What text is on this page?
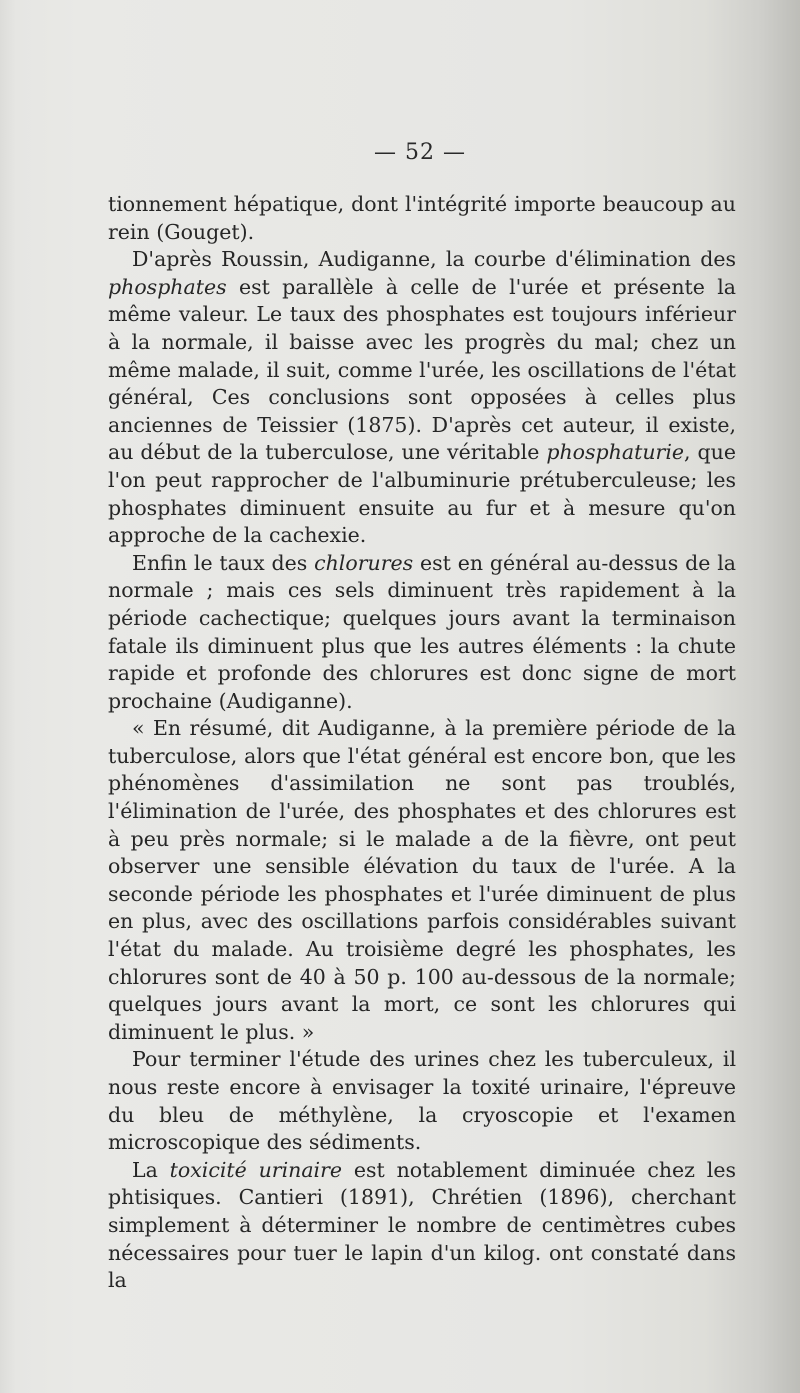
— 52 —

tionnement hépatique, dont l'intégrité importe beaucoup au rein (Gouget).

D'après Roussin, Audiganne, la courbe d'élimination des phosphates est parallèle à celle de l'urée et présente la même valeur. Le taux des phosphates est toujours inférieur à la normale, il baisse avec les progrès du mal; chez un même malade, il suit, comme l'urée, les oscillations de l'état général, Ces conclusions sont opposées à celles plus anciennes de Teissier (1875). D'après cet auteur, il existe, au début de la tuberculose, une véritable phosphaturie, que l'on peut rapprocher de l'albuminurie prétuberculeuse; les phosphates diminuent ensuite au fur et à mesure qu'on approche de la cachexie.

Enfin le taux des chlorures est en général au-dessus de la normale ; mais ces sels diminuent très rapidement à la période cachectique; quelques jours avant la terminaison fatale ils diminuent plus que les autres éléments : la chute rapide et profonde des chlorures est donc signe de mort prochaine (Audiganne).

« En résumé, dit Audiganne, à la première période de la tuberculose, alors que l'état général est encore bon, que les phénomènes d'assimilation ne sont pas troublés, l'élimination de l'urée, des phosphates et des chlorures est à peu près normale; si le malade a de la fièvre, ont peut observer une sensible élévation du taux de l'urée. A la seconde période les phosphates et l'urée diminuent de plus en plus, avec des oscillations parfois considérables suivant l'état du malade. Au troisième degré les phosphates, les chlorures sont de 40 à 50 p. 100 au-dessous de la normale; quelques jours avant la mort, ce sont les chlorures qui diminuent le plus. »

Pour terminer l'étude des urines chez les tuberculeux, il nous reste encore à envisager la toxité urinaire, l'épreuve du bleu de méthylène, la cryoscopie et l'examen microscopique des sédiments.

La toxicité urinaire est notablement diminuée chez les phtisiques. Cantieri (1891), Chrétien (1896), cherchant simplement à déterminer le nombre de centimètres cubes nécessaires pour tuer le lapin d'un kilog. ont constaté dans la
